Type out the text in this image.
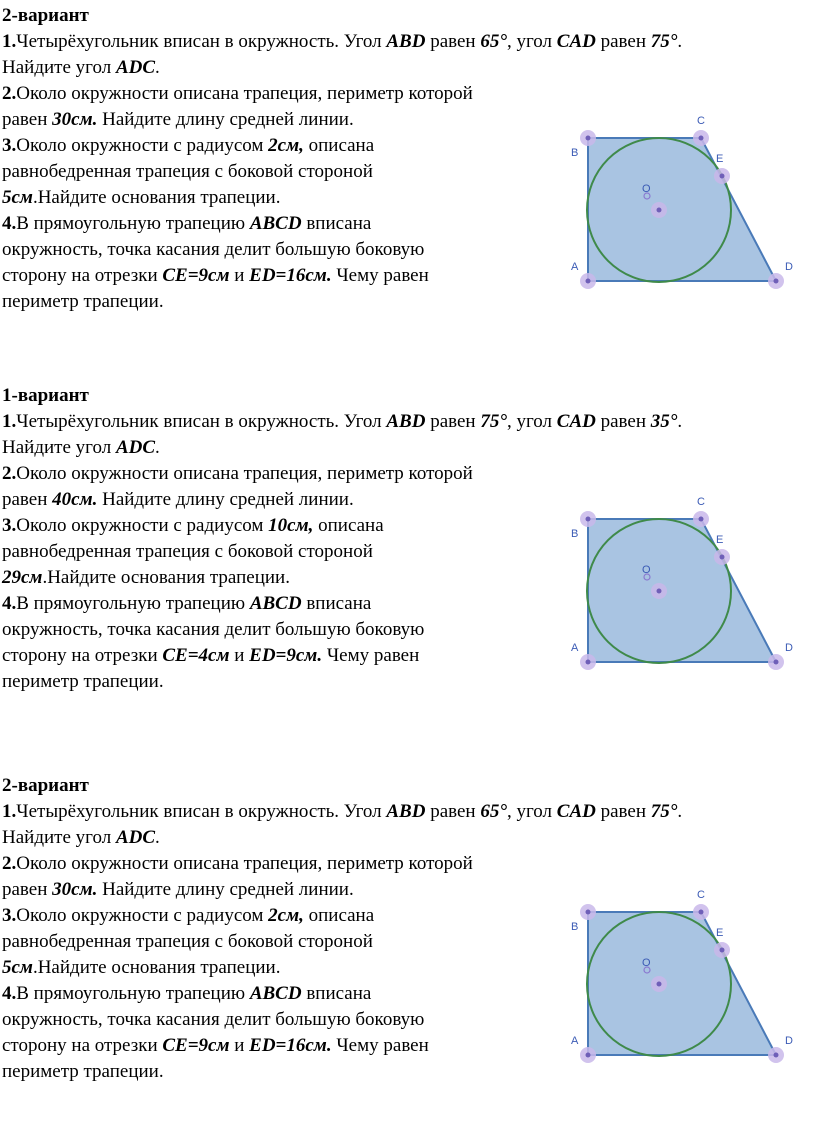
2-вариант
1.Четырёхугольник вписан в окружность. Угол ABD равен 65°, угол CAD равен 75°.
Найдите угол ADC.
2.Около окружности описана трапеция, периметр которой
равен 30см. Найдите длину средней линии.
3.Около окружности с радиусом 2см, описана
равнобедренная трапеция с боковой стороной
5см.Найдите основания трапеции.
4.В прямоугольную трапецию ABCD вписана
окружность, точка касания делит большую боковую
сторону на отрезки CE=9см и ED=16см. Чему равен
периметр трапеции.
B
C
E
A	D
O
1-вариант
1.Четырёхугольник вписан в окружность. Угол ABD равен 75°, угол CAD равен 35°.
Найдите угол ADC.
2.Около окружности описана трапеция, периметр которой
равен 40см. Найдите длину средней линии.
3.Около окружности с радиусом 10см, описана
равнобедренная трапеция с боковой стороной
29см.Найдите основания трапеции.
4.В прямоугольную трапецию ABCD вписана
окружность, точка касания делит большую боковую
сторону на отрезки CE=4см и ED=9см. Чему равен
периметр трапеции.
B
C
E
A	D
O
2-вариант
1.Четырёхугольник вписан в окружность. Угол ABD равен 65°, угол CAD равен 75°.
Найдите угол ADC.
2.Около окружности описана трапеция, периметр которой
равен 30см. Найдите длину средней линии.
3.Около окружности с радиусом 2см, описана
равнобедренная трапеция с боковой стороной
5см.Найдите основания трапеции.
4.В прямоугольную трапецию ABCD вписана
окружность, точка касания делит большую боковую
сторону на отрезки CE=9см и ED=16см. Чему равен
периметр трапеции.
B
C
E
A	D
O
